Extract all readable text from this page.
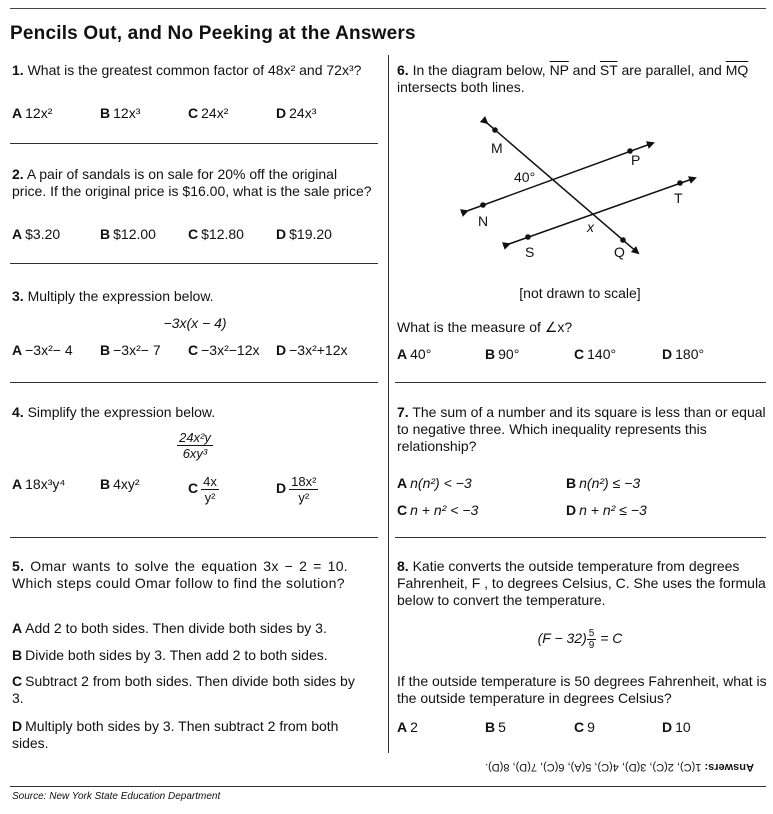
Pencils Out, and No Peeking at the Answers
1. What is the greatest common factor of 48x² and 72x³?
A 12x²	B 12x³	C 24x²	D 24x³
2. A pair of sandals is on sale for 20% off the original price. If the original price is $16.00, what is the sale price?
A $3.20	B $12.00 C $12.80 D $19.20
3. Multiply the expression below.
−3x(x − 4)
A −3x²− 4 B −3x²− 7 C −3x²−12x D −3x²+12x
4. Simplify the expression below.
$\frac{\text{24x²y}}{\text{6xy³}}$
A 18x³y⁴ B 4xy²	C $\frac{4x}{\text{y²}}$	D $\frac{\text{18x²}}{\text{y²}}$
5. Omar wants to solve the equation 3x − 2 = 10. Which steps could Omar follow to find the solution?
A Add 2 to both sides. Then divide both sides by 3.
B Divide both sides by 3. Then add 2 to both sides.
C Subtract 2 from both sides. Then divide both sides by 3.
D Multiply both sides by 3. Then subtract 2 from both sides.
6. In the diagram below, $\overline{NP}$ and $\overline{ST}$ are parallel, and $\overline{MQ}$ intersects both lines.
M
P
40°
N
T
x
S	Q
[not drawn to scale]
What is the measure of ∠x?
A 40°	B 90°	C 140°	D 180°
7. The sum of a number and its square is less than or equal to negative three. Which inequality represents this relationship?
A n(n²) < −3	B n(n²) ≤ −3
C n + n² < −3	D n + n² ≤ −3
8. Katie converts the outside temperature from degrees Fahrenheit, F , to degrees Celsius, C. She uses the formula below to convert the temperature.
$(F - 32) \frac{5}{9} = C$
If the outside temperature is 50 degrees Fahrenheit, what is the outside temperature in degrees Celsius?
A 2	B 5	C 9	D 10
Answers: 1(C), 2(C), 3(D), 4(C), 5(A), 6(C), 7(D), 8(D).
Source: New York State Education Department
